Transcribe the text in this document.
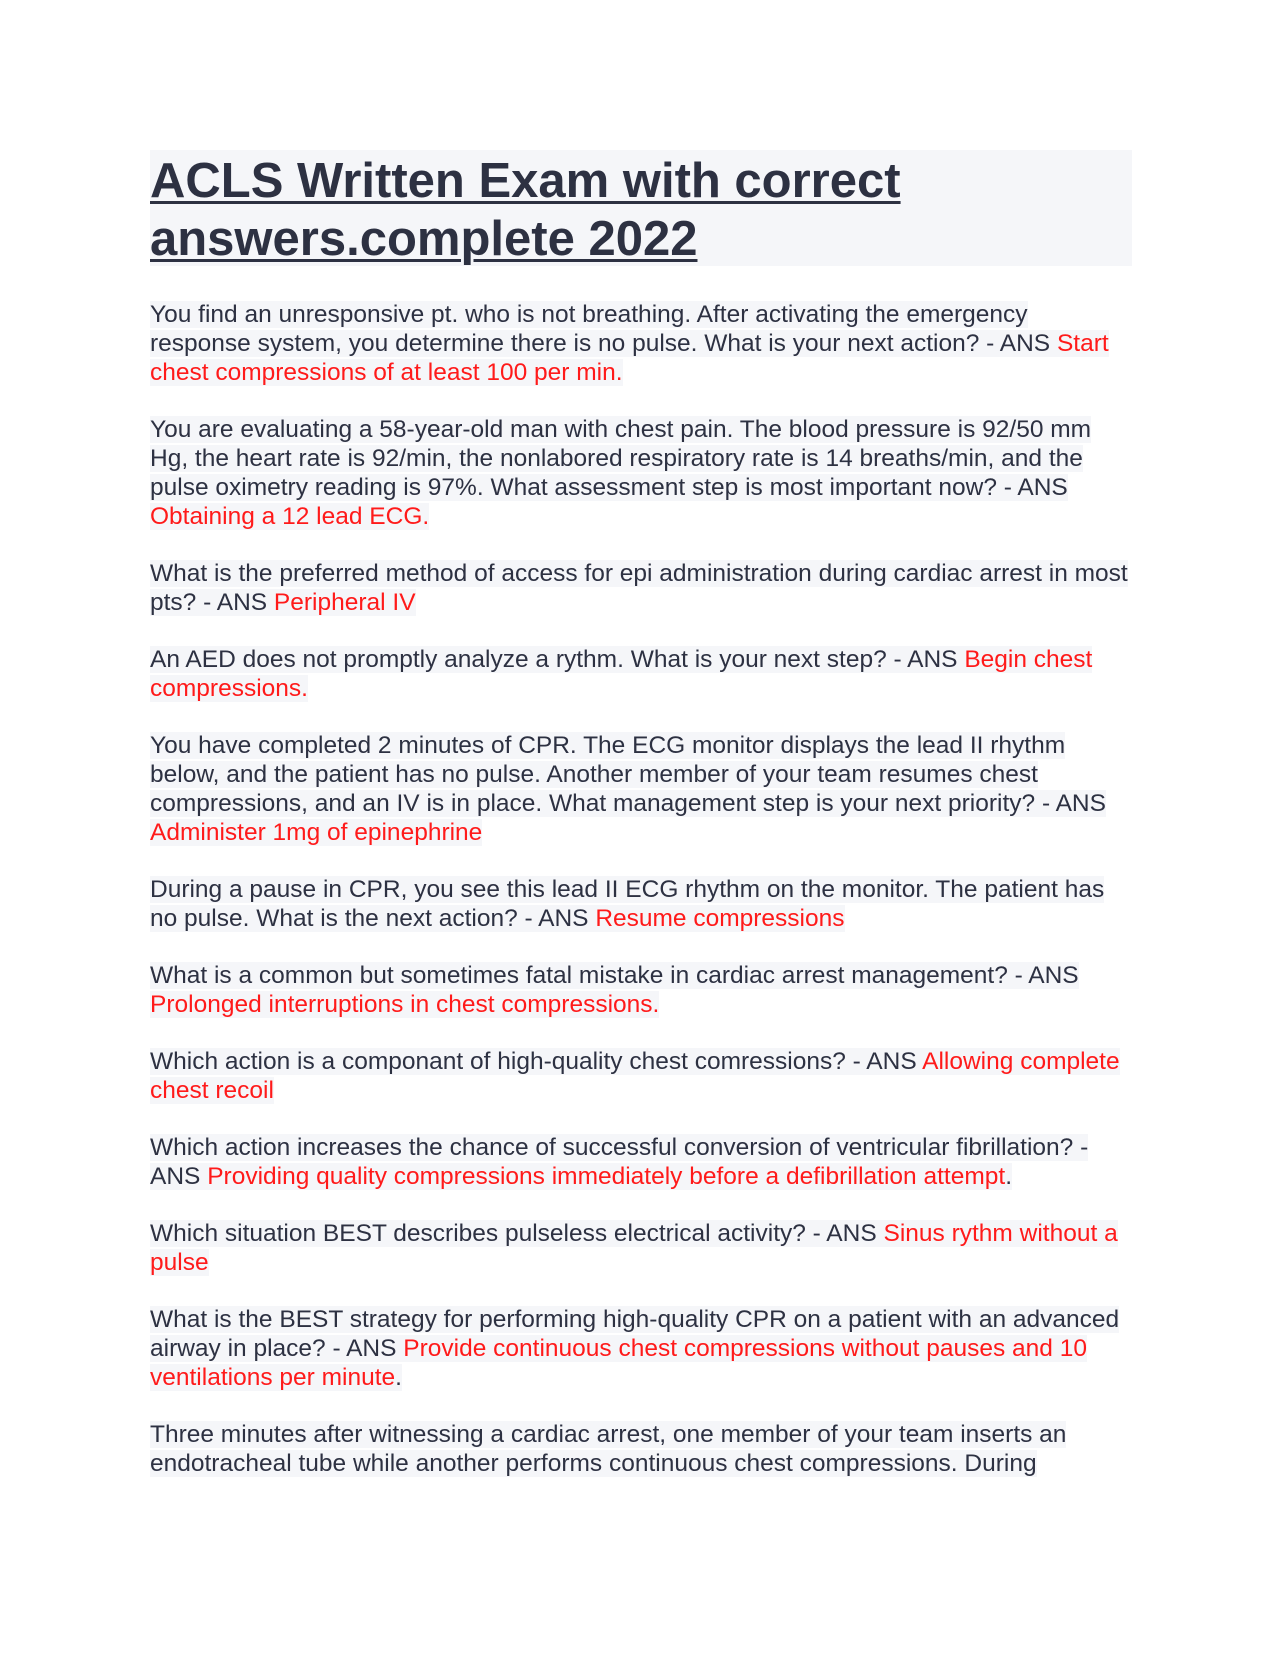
ACLS Written Exam with correct
answers.complete 2022

You find an unresponsive pt. who is not breathing. After activating the emergency response system, you determine there is no pulse. What is your next action? - ANS Start chest compressions of at least 100 per min.

You are evaluating a 58-year-old man with chest pain. The blood pressure is 92/50 mm Hg, the heart rate is 92/min, the nonlabored respiratory rate is 14 breaths/min, and the pulse oximetry reading is 97%. What assessment step is most important now? - ANS Obtaining a 12 lead ECG.

What is the preferred method of access for epi administration during cardiac arrest in most pts? - ANS Peripheral IV

An AED does not promptly analyze a rythm. What is your next step? - ANS Begin chest compressions.

You have completed 2 minutes of CPR. The ECG monitor displays the lead II rhythm below, and the patient has no pulse. Another member of your team resumes chest compressions, and an IV is in place. What management step is your next priority? - ANS Administer 1mg of epinephrine

During a pause in CPR, you see this lead II ECG rhythm on the monitor. The patient has no pulse. What is the next action? - ANS Resume compressions

What is a common but sometimes fatal mistake in cardiac arrest management? - ANS Prolonged interruptions in chest compressions.

Which action is a componant of high-quality chest comressions? - ANS Allowing complete chest recoil

Which action increases the chance of successful conversion of ventricular fibrillation? - ANS Providing quality compressions immediately before a defibrillation attempt.

Which situation BEST describes pulseless electrical activity? - ANS Sinus rythm without a pulse

What is the BEST strategy for performing high-quality CPR on a patient with an advanced airway in place? - ANS Provide continuous chest compressions without pauses and 10 ventilations per minute.

Three minutes after witnessing a cardiac arrest, one member of your team inserts an endotracheal tube while another performs continuous chest compressions. During
